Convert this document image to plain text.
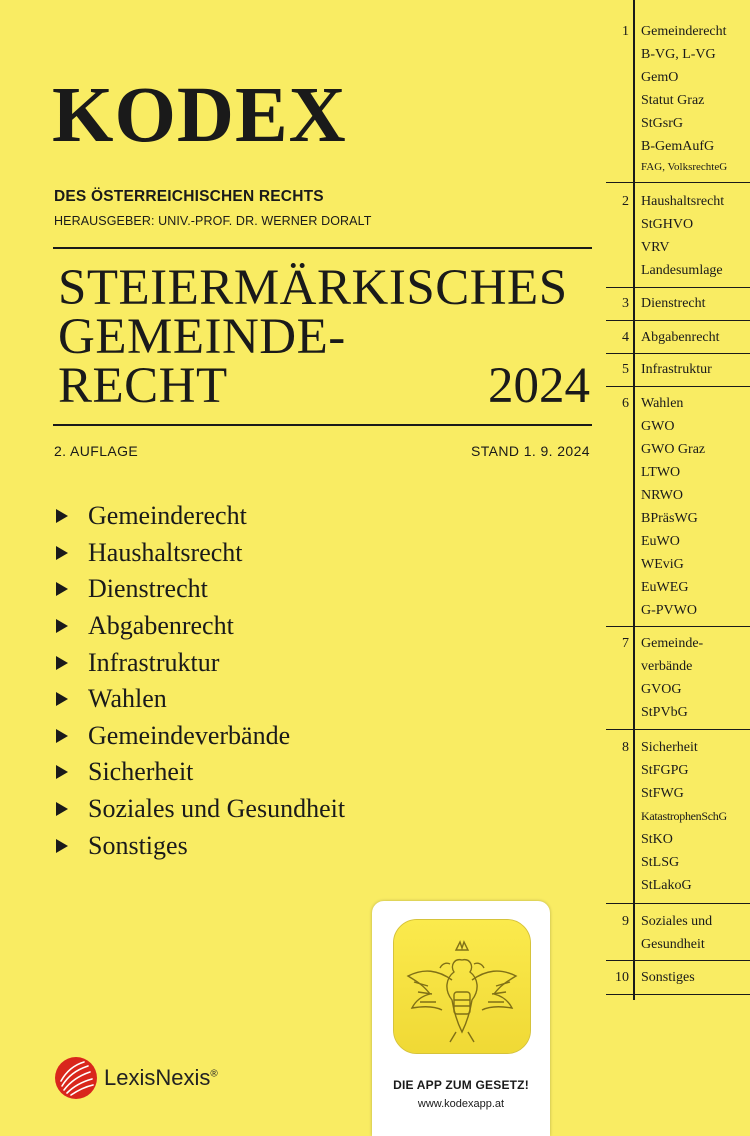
KODEX
DES ÖSTERREICHISCHEN RECHTS
HERAUSGEBER: UNIV.-PROF. DR. WERNER DORALT
STEIERMÄRKISCHES
GEMEINDE-
RECHT	2024
2. AUFLAGE	STAND 1. 9. 2024
Gemeinderecht
Haushaltsrecht
Dienstrecht
Abgabenrecht
Infrastruktur
Wahlen
Gemeindeverbände
Sicherheit
Soziales und Gesundheit
Sonstiges
1 Gemeinderecht
B-VG, L-VG
GemO
Statut Graz
StGsrG
B-GemAufG
FAG, VolksrechteG
2 Haushaltsrecht
StGHVO
VRV
Landesumlage
3 Dienstrecht
4 Abgabenrecht
5 Infrastruktur
6 Wahlen
GWO
GWO Graz
LTWO
NRWO
BPräsWG
EuWO
WEviG
EuWEG
G-PVWO
7 Gemeinde-
verbände
GVOG
StPVbG
8 Sicherheit
StFGPG
StFWG
KatastrophenSchG
StKO
StLSG
StLakoG
9 Soziales und
Gesundheit
10 Sonstiges
DIE APP ZUM GESETZ!
www.kodexapp.at
LexisNexis®
